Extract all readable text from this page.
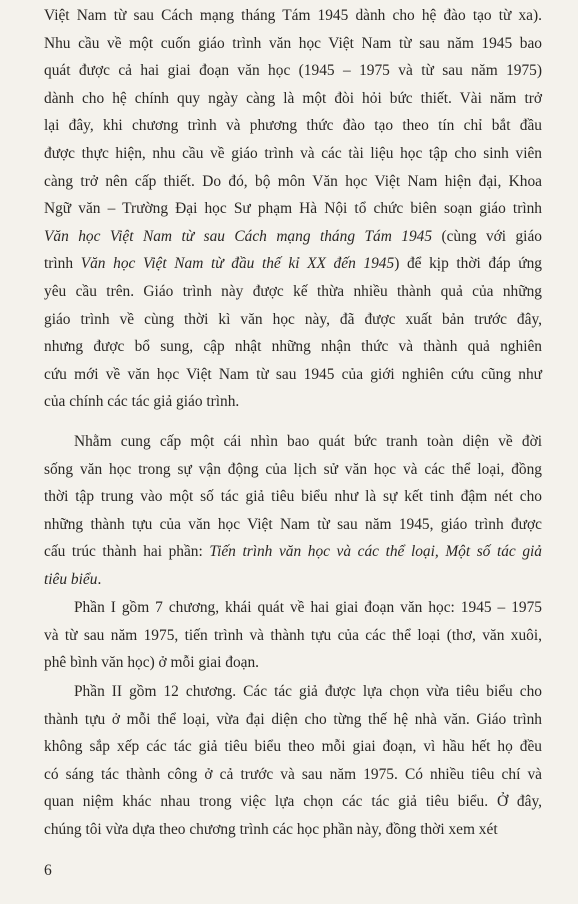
Việt Nam từ sau Cách mạng tháng Tám 1945 dành cho hệ đào tạo từ xa).
Nhu cầu về một cuốn giáo trình văn học Việt Nam từ sau năm 1945 bao
quát được cả hai giai đoạn văn học (1945 – 1975 và từ sau năm 1975)
dành cho hệ chính quy ngày càng là một đòi hỏi bức thiết. Vài năm trở
lại đây, khi chương trình và phương thức đào tạo theo tín chỉ bắt đầu
được thực hiện, nhu cầu về giáo trình và các tài liệu học tập cho sinh viên
càng trở nên cấp thiết. Do đó, bộ môn Văn học Việt Nam hiện đại, Khoa
Ngữ văn – Trường Đại học Sư phạm Hà Nội tổ chức biên soạn giáo trình
Văn học Việt Nam từ sau Cách mạng tháng Tám 1945 (cùng với giáo
trình Văn học Việt Nam từ đầu thế kỉ XX đến 1945) để kịp thời đáp ứng
yêu cầu trên. Giáo trình này được kế thừa nhiều thành quả của những
giáo trình về cùng thời kì văn học này, đã được xuất bản trước đây,
nhưng được bổ sung, cập nhật những nhận thức và thành quả nghiên
cứu mới về văn học Việt Nam từ sau 1945 của giới nghiên cứu cũng như
của chính các tác giả giáo trình.

Nhằm cung cấp một cái nhìn bao quát bức tranh toàn diện về đời
sống văn học trong sự vận động của lịch sử văn học và các thể loại, đồng
thời tập trung vào một số tác giả tiêu biểu như là sự kết tinh đậm nét cho
những thành tựu của văn học Việt Nam từ sau năm 1945, giáo trình được
cấu trúc thành hai phần: Tiến trình văn học và các thể loại, Một số tác giả
tiêu biểu.

Phần I gồm 7 chương, khái quát về hai giai đoạn văn học: 1945 – 1975
và từ sau năm 1975, tiến trình và thành tựu của các thể loại (thơ, văn xuôi,
phê bình văn học) ở mỗi giai đoạn.

Phần II gồm 12 chương. Các tác giả được lựa chọn vừa tiêu biểu cho
thành tựu ở mỗi thể loại, vừa đại diện cho từng thế hệ nhà văn. Giáo trình
không sắp xếp các tác giả tiêu biểu theo mỗi giai đoạn, vì hầu hết họ đều
có sáng tác thành công ở cả trước và sau năm 1975. Có nhiều tiêu chí và
quan niệm khác nhau trong việc lựa chọn các tác giả tiêu biểu. Ở đây,
chúng tôi vừa dựa theo chương trình các học phần này, đồng thời xem xét

6
